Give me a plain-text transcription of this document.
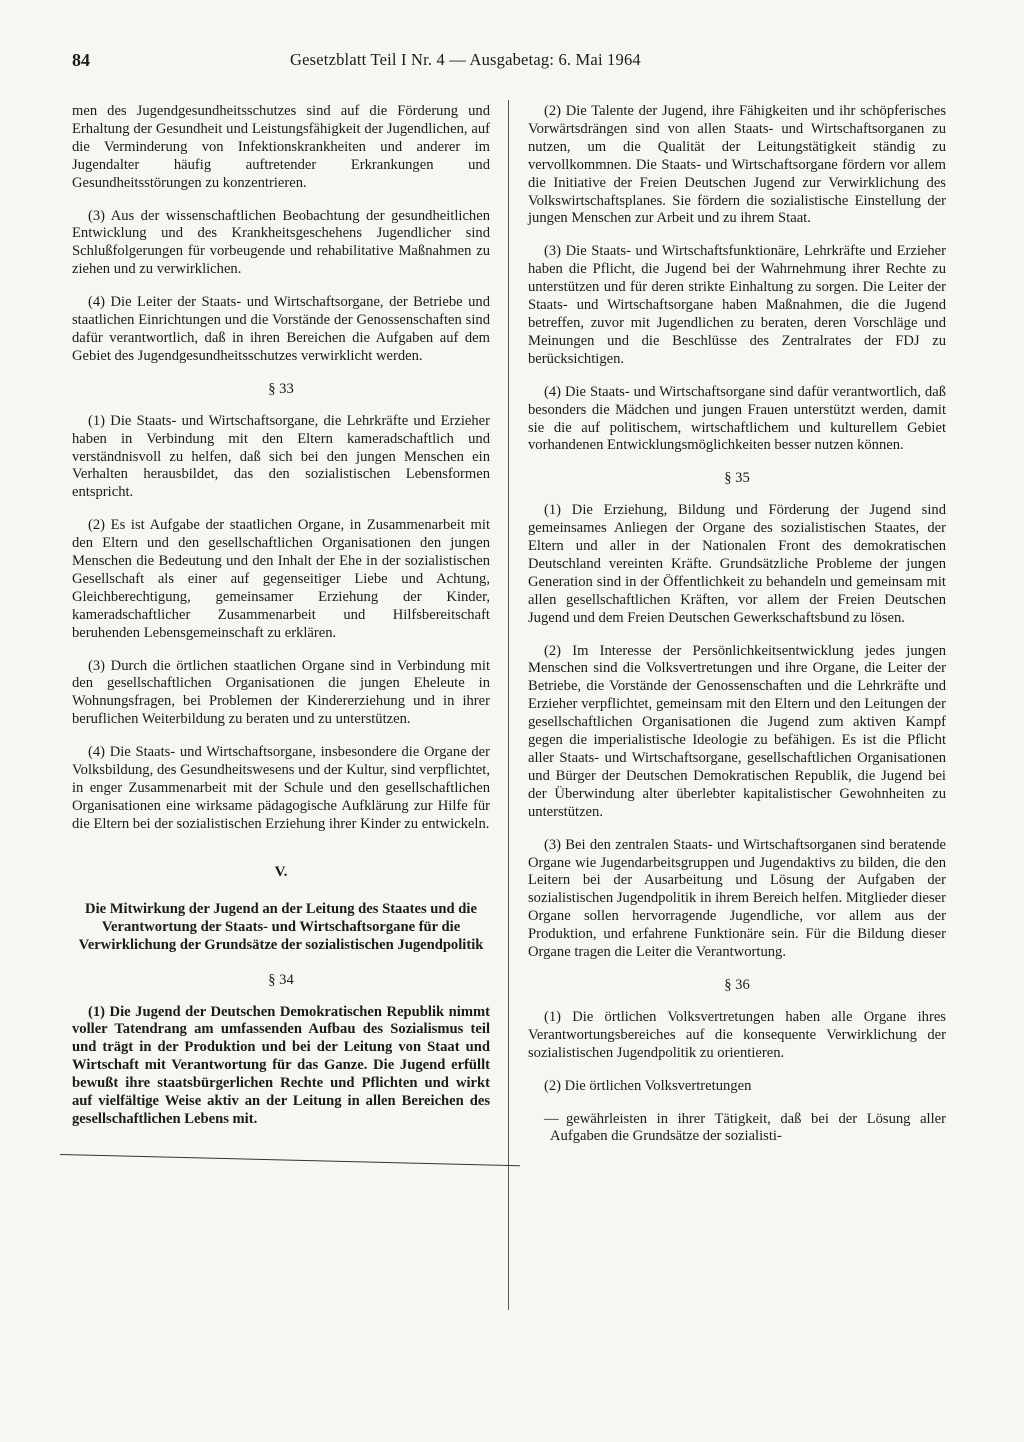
84	Gesetzblatt Teil I Nr. 4 — Ausgabetag: 6. Mai 1964

men des Jugendgesundheitsschutzes sind auf die Förderung und Erhaltung der Gesundheit und Leistungsfähigkeit der Jugendlichen, auf die Verminderung von Infektionskrankheiten und anderer im Jugendalter häufig auftretender Erkrankungen und Gesundheitsstörungen zu konzentrieren.

(3) Aus der wissenschaftlichen Beobachtung der gesundheitlichen Entwicklung und des Krankheitsgeschehens Jugendlicher sind Schlußfolgerungen für vorbeugende und rehabilitative Maßnahmen zu ziehen und zu verwirklichen.

(4) Die Leiter der Staats- und Wirtschaftsorgane, der Betriebe und staatlichen Einrichtungen und die Vorstände der Genossenschaften sind dafür verantwortlich, daß in ihren Bereichen die Aufgaben auf dem Gebiet des Jugendgesundheitsschutzes verwirklicht werden.

§ 33

(1) Die Staats- und Wirtschaftsorgane, die Lehrkräfte und Erzieher haben in Verbindung mit den Eltern kameradschaftlich und verständnisvoll zu helfen, daß sich bei den jungen Menschen ein Verhalten herausbildet, das den sozialistischen Lebensformen entspricht.

(2) Es ist Aufgabe der staatlichen Organe, in Zusammenarbeit mit den Eltern und den gesellschaftlichen Organisationen den jungen Menschen die Bedeutung und den Inhalt der Ehe in der sozialistischen Gesellschaft als einer auf gegenseitiger Liebe und Achtung, Gleichberechtigung, gemeinsamer Erziehung der Kinder, kameradschaftlicher Zusammenarbeit und Hilfsbereitschaft beruhenden Lebensgemeinschaft zu erklären.

(3) Durch die örtlichen staatlichen Organe sind in Verbindung mit den gesellschaftlichen Organisationen die jungen Eheleute in Wohnungsfragen, bei Problemen der Kindererziehung und in ihrer beruflichen Weiterbildung zu beraten und zu unterstützen.

(4) Die Staats- und Wirtschaftsorgane, insbesondere die Organe der Volksbildung, des Gesundheitswesens und der Kultur, sind verpflichtet, in enger Zusammenarbeit mit der Schule und den gesellschaftlichen Organisationen eine wirksame pädagogische Aufklärung zur Hilfe für die Eltern bei der sozialistischen Erziehung ihrer Kinder zu entwickeln.

V.
Die Mitwirkung der Jugend an der Leitung des Staates und die Verantwortung der Staats- und Wirtschaftsorgane für die Verwirklichung der Grundsätze der sozialistischen Jugendpolitik
§ 34

(1) Die Jugend der Deutschen Demokratischen Republik nimmt voller Tatendrang am umfassenden Aufbau des Sozialismus teil und trägt in der Produktion und bei der Leitung von Staat und Wirtschaft mit Verantwortung für das Ganze. Die Jugend erfüllt bewußt ihre staatsbürgerlichen Rechte und Pflichten und wirkt auf vielfältige Weise aktiv an der Leitung in allen Bereichen des gesellschaftlichen Lebens mit.

(2) Die Talente der Jugend, ihre Fähigkeiten und ihr schöpferisches Vorwärtsdrängen sind von allen Staats- und Wirtschaftsorganen zu nutzen, um die Qualität der Leitungstätigkeit ständig zu vervollkommnen. Die Staats- und Wirtschaftsorgane fördern vor allem die Initiative der Freien Deutschen Jugend zur Verwirklichung des Volkswirtschaftsplanes. Sie fördern die sozialistische Einstellung der jungen Menschen zur Arbeit und zu ihrem Staat.

(3) Die Staats- und Wirtschaftsfunktionäre, Lehrkräfte und Erzieher haben die Pflicht, die Jugend bei der Wahrnehmung ihrer Rechte zu unterstützen und für deren strikte Einhaltung zu sorgen. Die Leiter der Staats- und Wirtschaftsorgane haben Maßnahmen, die die Jugend betreffen, zuvor mit Jugendlichen zu beraten, deren Vorschläge und Meinungen und die Beschlüsse des Zentralrates der FDJ zu berücksichtigen.

(4) Die Staats- und Wirtschaftsorgane sind dafür verantwortlich, daß besonders die Mädchen und jungen Frauen unterstützt werden, damit sie die auf politischem, wirtschaftlichem und kulturellem Gebiet vorhandenen Entwicklungsmöglichkeiten besser nutzen können.

§ 35

(1) Die Erziehung, Bildung und Förderung der Jugend sind gemeinsames Anliegen der Organe des sozialistischen Staates, der Eltern und aller in der Nationalen Front des demokratischen Deutschland vereinten Kräfte. Grundsätzliche Probleme der jungen Generation sind in der Öffentlichkeit zu behandeln und gemeinsam mit allen gesellschaftlichen Kräften, vor allem der Freien Deutschen Jugend und dem Freien Deutschen Gewerkschaftsbund zu lösen.

(2) Im Interesse der Persönlichkeitsentwicklung jedes jungen Menschen sind die Volksvertretungen und ihre Organe, die Leiter der Betriebe, die Vorstände der Genossenschaften und die Lehrkräfte und Erzieher verpflichtet, gemeinsam mit den Eltern und den Leitungen der gesellschaftlichen Organisationen die Jugend zum aktiven Kampf gegen die imperialistische Ideologie zu befähigen. Es ist die Pflicht aller Staats- und Wirtschaftsorgane, gesellschaftlichen Organisationen und Bürger der Deutschen Demokratischen Republik, die Jugend bei der Überwindung alter überlebter kapitalistischer Gewohnheiten zu unterstützen.

(3) Bei den zentralen Staats- und Wirtschaftsorganen sind beratende Organe wie Jugendarbeitsgruppen und Jugendaktivs zu bilden, die den Leitern bei der Ausarbeitung und Lösung der Aufgaben der sozialistischen Jugendpolitik in ihrem Bereich helfen. Mitglieder dieser Organe sollen hervorragende Jugendliche, vor allem aus der Produktion, und erfahrene Funktionäre sein. Für die Bildung dieser Organe tragen die Leiter die Verantwortung.

§ 36

(1) Die örtlichen Volksvertretungen haben alle Organe ihres Verantwortungsbereiches auf die konsequente Verwirklichung der sozialistischen Jugendpolitik zu orientieren.

(2) Die örtlichen Volksvertretungen

— gewährleisten in ihrer Tätigkeit, daß bei der Lösung aller Aufgaben die Grundsätze der sozialisti-
